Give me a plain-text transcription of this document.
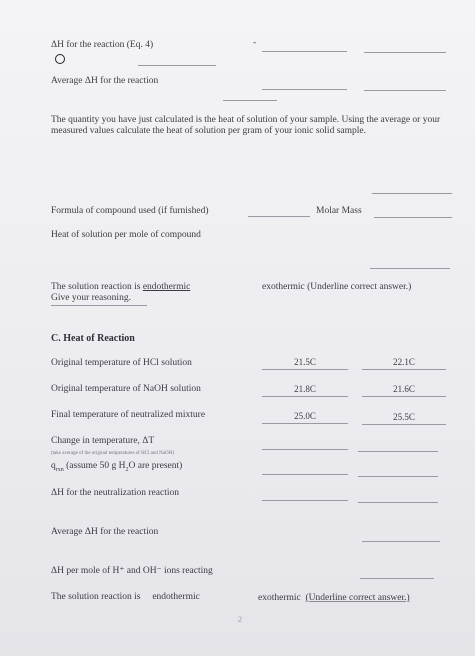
ΔH for the reaction (Eq. 4)	-
Average ΔH for the reaction
The quantity you have just calculated is the heat of solution of your sample. Using the average or your measured values calculate the heat of solution per gram of your ionic solid sample.
Formula of compound used (if furnished)	Molar Mass
Heat of solution per mole of compound
The solution reaction is endothermic	exothermic (Underline correct answer.)
Give your reasoning.
C. Heat of Reaction
Original temperature of HCl solution	21.5C	22.1C
Original temperature of NaOH solution	21.8C	21.6C
Final temperature of neutralized mixture	25.0C	25.5C
Change in temperature, ΔT
(take average of the original temperatures of HCl and NaOH)
$q_{rxn}$ (assume 50 g $H_2O$ are present)
ΔH for the neutralization reaction
Average ΔH for the reaction
ΔH per mole of H⁺ and OH⁻ ions reacting
The solution reaction is endothermic	exothermic (Underline correct answer.)
2
